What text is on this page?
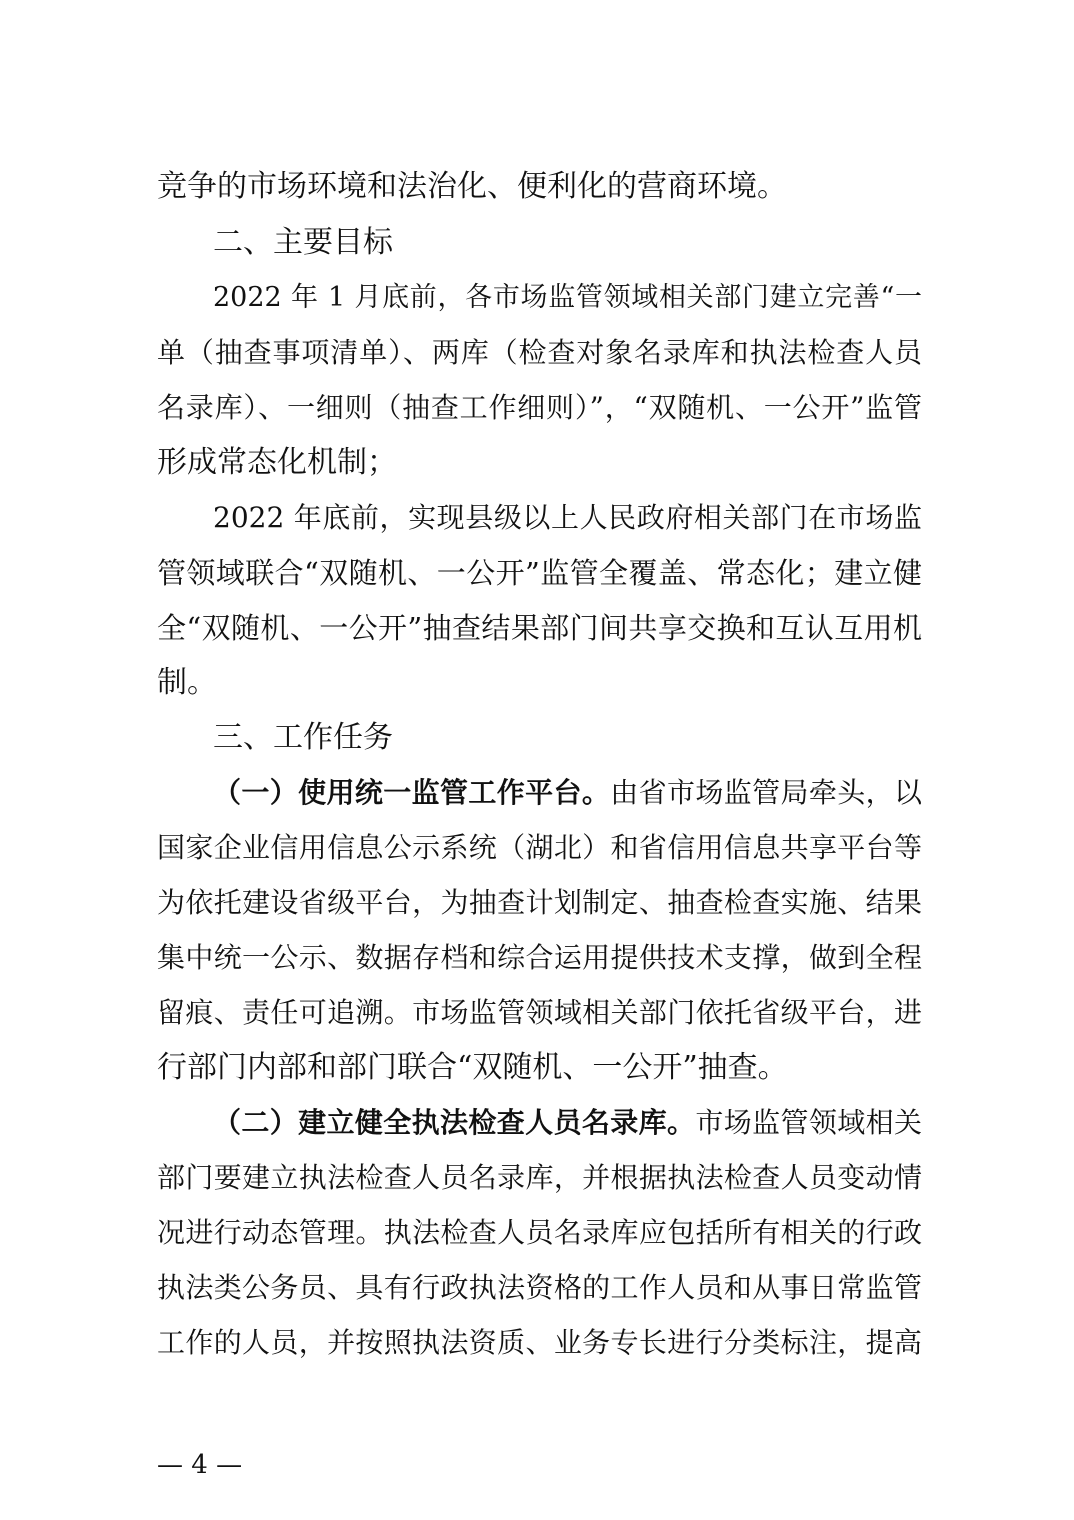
竞争的市场环境和法治化、便利化的营商环境。
二、主要目标
2022 年 1 月底前，各市场监管领域相关部门建立完善“一
单（抽查事项清单）、两库（检查对象名录库和执法检查人员
名录库）、一细则（抽查工作细则）”，“双随机、一公开”监管
形成常态化机制；
2022 年底前，实现县级以上人民政府相关部门在市场监
管领域联合“双随机、一公开”监管全覆盖、常态化；建立健
全“双随机、一公开”抽查结果部门间共享交换和互认互用机
制。
三、工作任务
（一）使用统一监管工作平台。由省市场监管局牵头，以
国家企业信用信息公示系统（湖北）和省信用信息共享平台等
为依托建设省级平台，为抽查计划制定、抽查检查实施、结果
集中统一公示、数据存档和综合运用提供技术支撑，做到全程
留痕、责任可追溯。市场监管领域相关部门依托省级平台，进
行部门内部和部门联合“双随机、一公开”抽查。
（二）建立健全执法检查人员名录库。市场监管领域相关
部门要建立执法检查人员名录库，并根据执法检查人员变动情
况进行动态管理。执法检查人员名录库应包括所有相关的行政
执法类公务员、具有行政执法资格的工作人员和从事日常监管
工作的人员，并按照执法资质、业务专长进行分类标注，提高
— 4 —
